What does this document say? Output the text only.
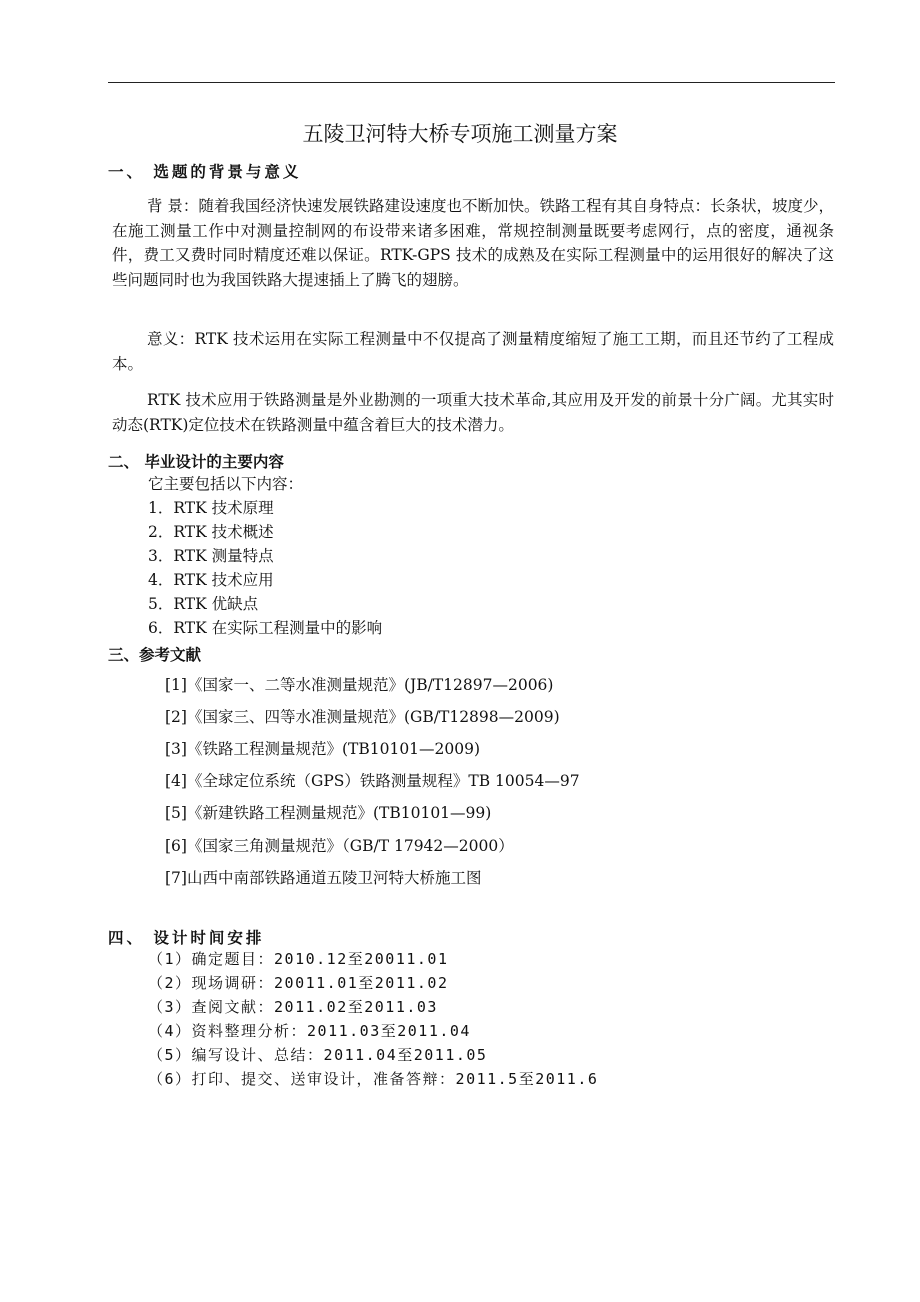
五陵卫河特大桥专项施工测量方案
一、 选题的背景与意义

背 景：随着我国经济快速发展铁路建设速度也不断加快。铁路工程有其自身特点：长条状，坡度少，在施工测量工作中对测量控制网的布设带来诸多困难，常规控制测量既要考虑网行，点的密度，通视条件，费工又费时同时精度还难以保证。RTK-GPS 技术的成熟及在实际工程测量中的运用很好的解决了这些问题同时也为我国铁路大提速插上了腾飞的翅膀。

意义：RTK 技术运用在实际工程测量中不仅提高了测量精度缩短了施工工期，而且还节约了工程成本。

RTK 技术应用于铁路测量是外业勘测的一项重大技术革命,其应用及开发的前景十分广阔。尤其实时动态(RTK)定位技术在铁路测量中蕴含着巨大的技术潜力。

二、 毕业设计的主要内容
它主要包括以下内容：
1．RTK 技术原理
2．RTK 技术概述
3．RTK 测量特点
4．RTK 技术应用
5．RTK 优缺点
6．RTK 在实际工程测量中的影响
三、参考文献
[1]《国家一、二等水准测量规范》(JB/T12897—2006)
[2]《国家三、四等水准测量规范》(GB/T12898—2009)
[3]《铁路工程测量规范》(TB10101—2009)
[4]《全球定位系统（GPS）铁路测量规程》TB 10054—97
[5]《新建铁路工程测量规范》(TB10101—99)
[6]《国家三角测量规范》（GB/T 17942—2000）
[7]山西中南部铁路通道五陵卫河特大桥施工图
四、 设计时间安排
（1）确定题目：2010.12至20011.01
（2）现场调研：20011.01至2011.02
（3）查阅文献：2011.02至2011.03
（4）资料整理分析：2011.03至2011.04
（5）编写设计、总结：2011.04至2011.05
（6）打印、提交、送审设计，准备答辩：2011.5至2011.6
